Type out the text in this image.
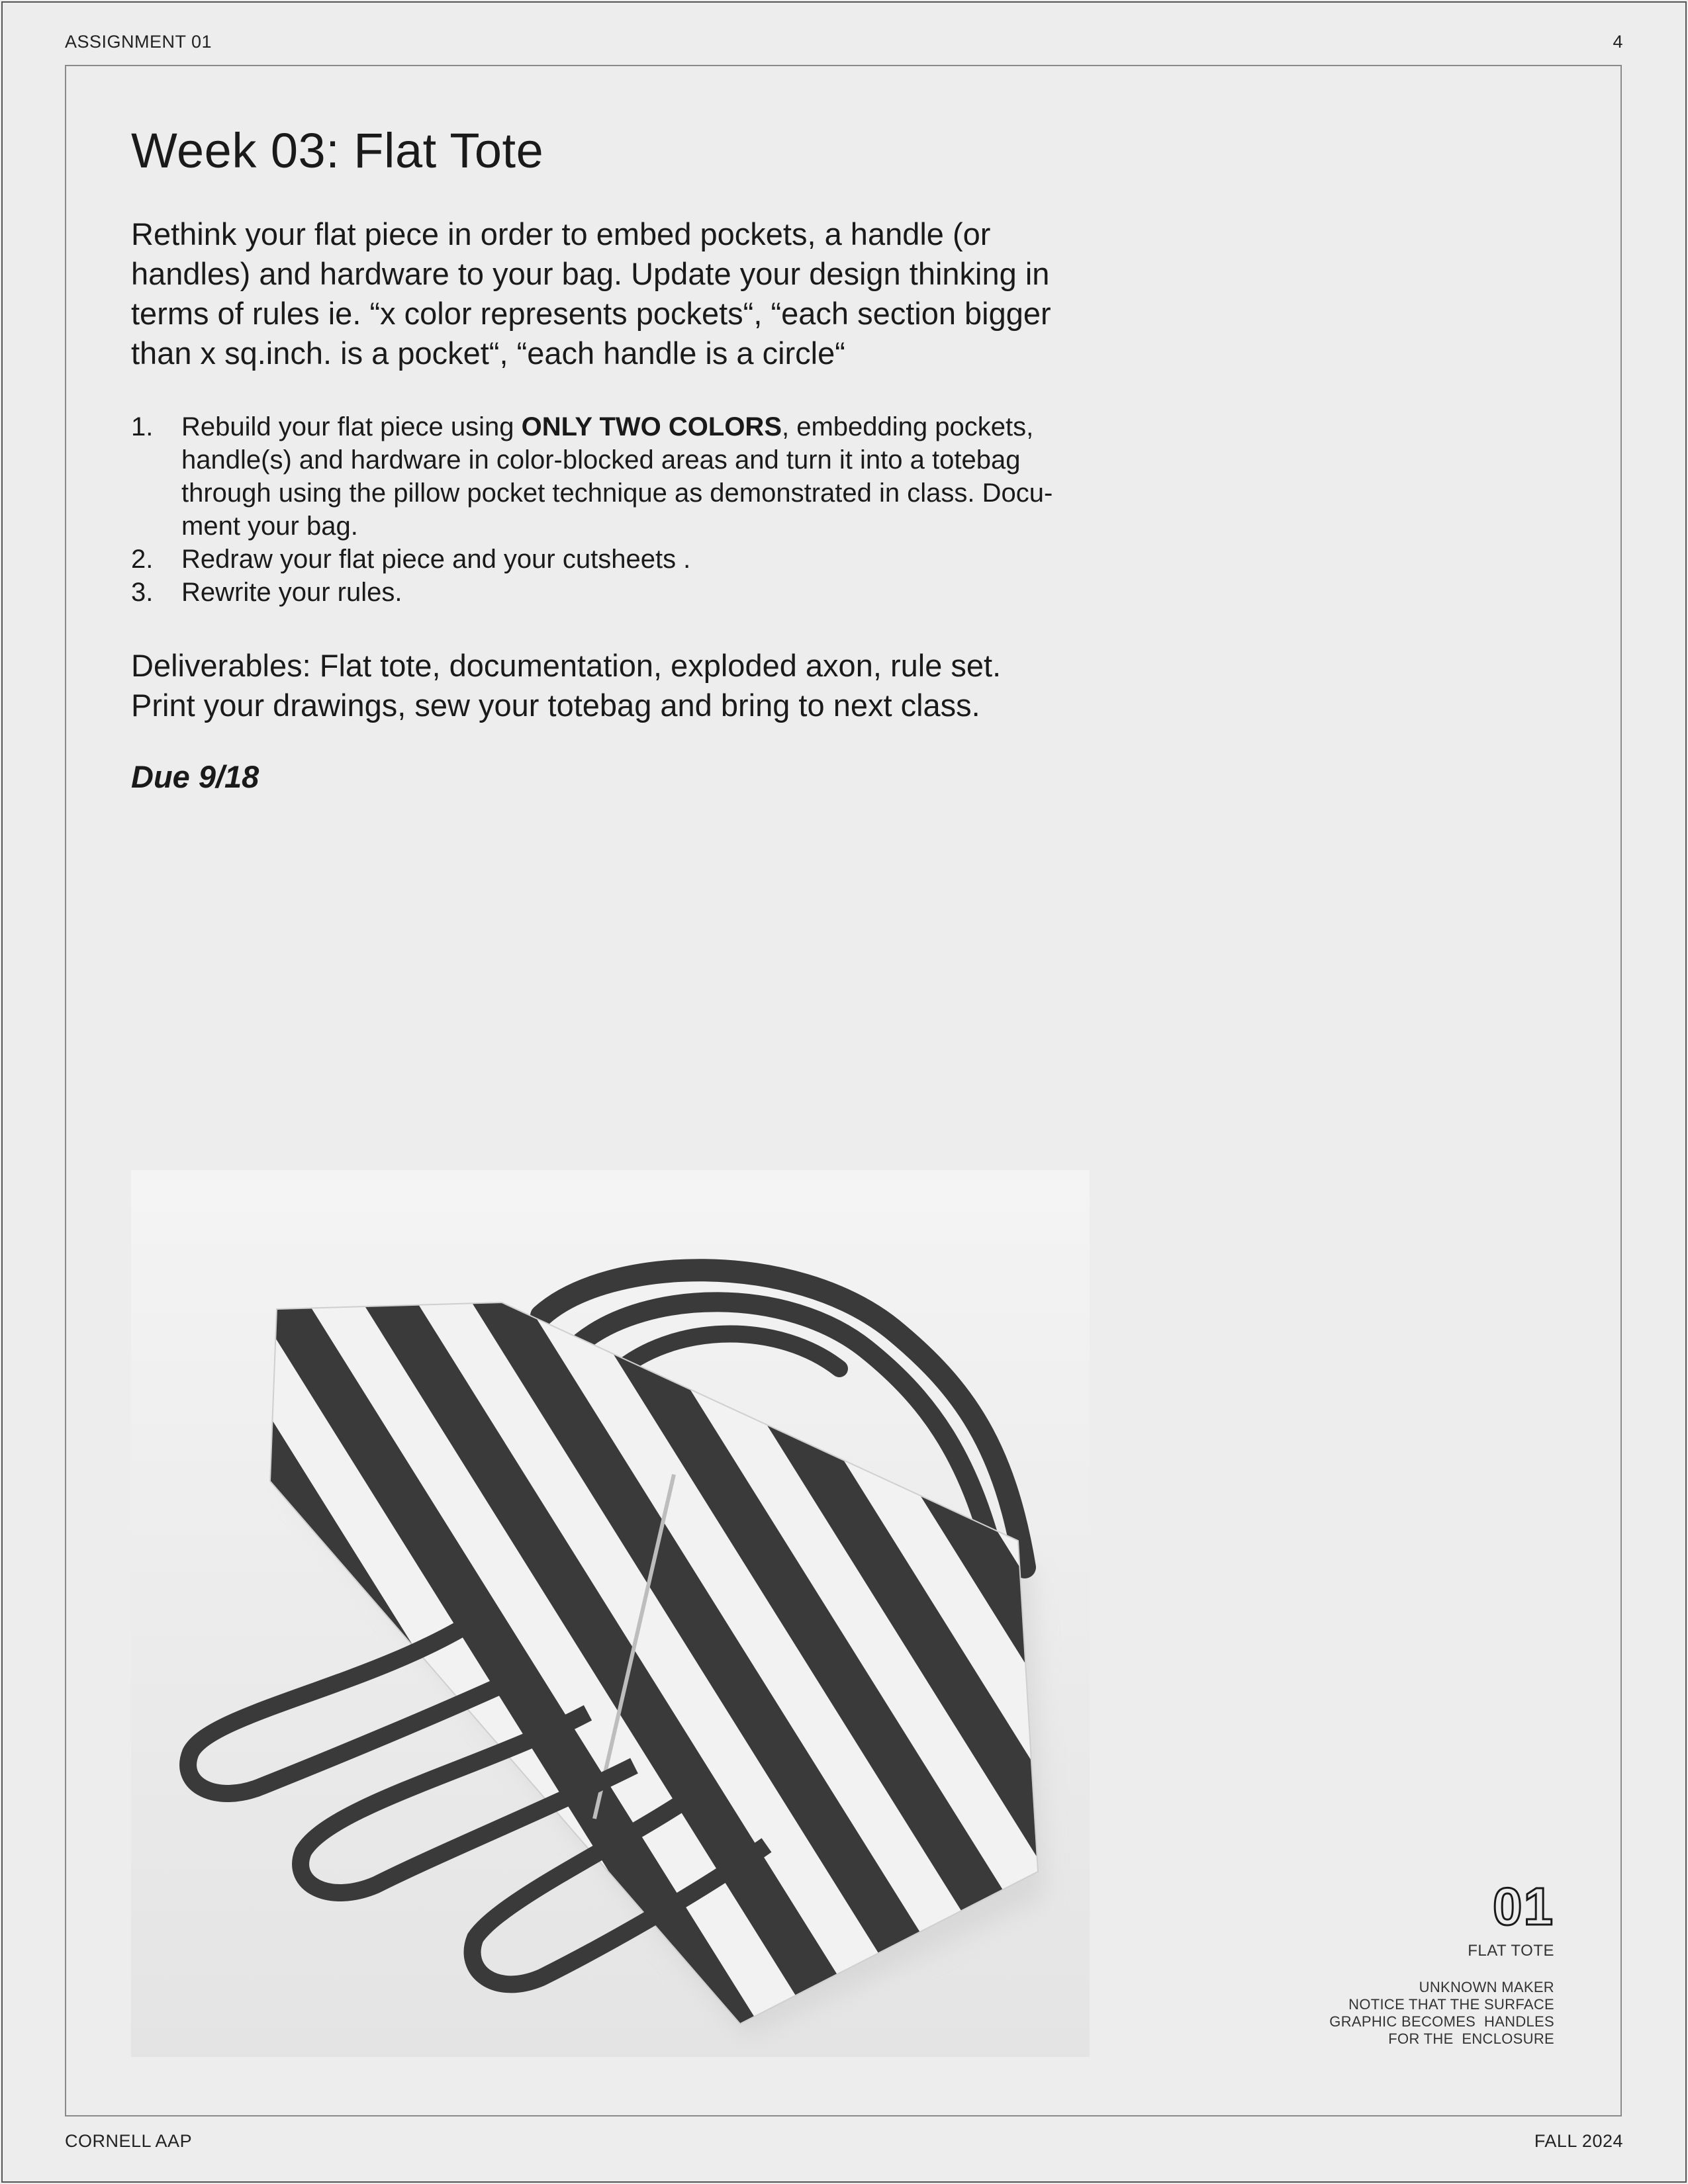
ASSIGNMENT 01	4
Week 03: Flat Tote
Rethink your flat piece in order to embed pockets, a handle (or handles) and hardware to your bag. Update your design thinking in terms of rules ie. “x color represents pockets“, “each section bigger than x sq.inch. is a pocket“, “each handle is a circle“
1. Rebuild your flat piece using ONLY TWO COLORS, embedding pockets, handle(s) and hardware in color-blocked areas and turn it into a totebag through using the pillow pocket technique as demonstrated in class. Docu-ment your bag.
2. Redraw your flat piece and your cutsheets .
3. Rewrite your rules.
Deliverables: Flat tote, documentation, exploded axon, rule set.
Print your drawings, sew your totebag and bring to next class.
Due 9/18
01
FLAT TOTE
UNKNOWN MAKER
NOTICE THAT THE SURFACE
GRAPHIC BECOMES  HANDLES
FOR THE  ENCLOSURE
CORNELL AAP	FALL 2024
